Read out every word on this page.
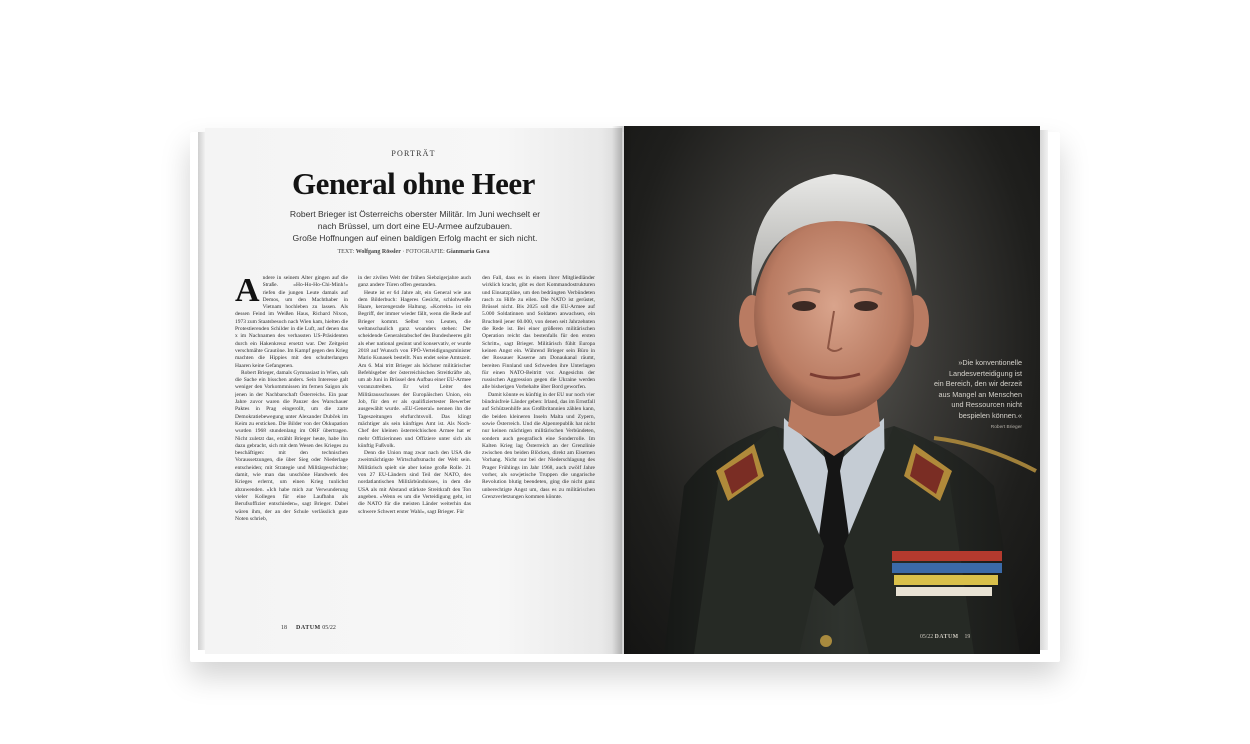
PORTRÄT
General ohne Heer
Robert Brieger ist Österreichs oberster Militär. Im Juni wechselt er
nach Brüssel, um dort eine EU-Armee aufzubauen.
Große Hoffnungen auf einen baldigen Erfolg macht er sich nicht.
TEXT: Wolfgang Rössler · FOTOGRAFIE: Gianmaria Gava

Andere in seinem Alter gingen auf die Straße. »Ho-Ho-Ho-Chi-Minh!« riefen die jungen Leute damals auf Demos, um den Machthaber in Vietnam hochleben zu lassen. Als dessen Feind im Weißen Haus, Richard Nixon, 1973 zum Staatsbesuch nach Wien kam, hielten die Protestierenden Schilder in die Luft, auf denen das x im Nachnamen des verhassten US-Präsidenten durch ein Hakenkreuz ersetzt war. Der Zeitgeist verschmähte Grautöne. Im Kampf gegen den Krieg machten die Hippies mit den schulterlangen Haaren keine Gefangenen.

Robert Brieger, damals Gymnasiast in Wien, sah die Sache ein bisschen anders. Sein Interesse galt weniger den Vorkommnissen im fernen Saigon als jenen in der Nachbarschaft Österreichs. Ein paar Jahre zuvor waren die Panzer des Warschauer Paktes in Prag eingerollt, um die zarte Demokratiebewegung unter Alexander Dubček im Keim zu ersticken. Die Bilder von der Okkupation wurden 1968 stundenlang im ORF übertragen. Nicht zuletzt das, erzählt Brieger heute, habe ihn dazu gebracht, sich mit dem Wesen des Krieges zu beschäftigen: mit den technischen Voraussetzungen, die über Sieg oder Niederlage entscheiden; mit Strategie und Militärgeschichte; damit, wie man das unschöne Handwerk des Krieges erlernt, um einen Krieg tunlichst abzuwenden. »Ich habe mich zur Verwunderung vieler Kollegen für eine Laufbahn als Berufsoffizier entschieden«, sagt Brieger. Dabei wären ihm, der an der Schule verlässlich gute Noten schrieb,

in der zivilen Welt der frühen Siebzigerjahre auch ganz andere Türen offen gestanden.

Heute ist er 64 Jahre alt, ein General wie aus dem Bilderbuch: Hageres Gesicht, schlohweiße Haare, kerzengerade Haltung. »Korrekt« ist ein Begriff, der immer wieder fällt, wenn die Rede auf Brieger kommt. Selbst von Leuten, die weltanschaulich ganz woanders stehen: Der scheidende Generalstabschef des Bundesheeres gilt als eher national gesinnt und konservativ, er wurde 2018 auf Wunsch von FPÖ-Verteidigungsminister Mario Kunasek bestellt. Nun endet seine Amtszeit. Am 6. Mai tritt Brieger als höchster militärischer Befehlsgeber der österreichischen Streitkräfte ab, um ab Juni in Brüssel den Aufbau einer EU-Armee voranzutreiben. Er wird Leiter des Militärausschusses der Europäischen Union, ein Job, für den er als qualifiziertester Bewerber ausgewählt wurde. »EU-General« nennen ihn die Tageszeitungen ehrfurchtsvoll. Das klingt mächtiger als sein künftiges Amt ist. Als Noch-Chef der kleinen österreichischen Armee hat er mehr Offizierinnen und Offiziere unter sich als künftig Fußvolk.

Denn die Union mag zwar nach den USA die zweitmächtigste Wirtschaftsmacht der Welt sein. Militärisch spielt sie aber keine große Rolle. 21 von 27 EU-Ländern sind Teil der NATO, des nordatlantischen Militärbündnisses, in dem die USA als mit Abstand stärkste Streitkraft den Ton angeben. »Wenn es um die Verteidigung geht, ist die NATO für die meisten Länder weiterhin das schwere Schwert erster Wahl«, sagt Brieger. Für

den Fall, dass es in einem ihrer Mitgliedländer wirklich kracht, gibt es dort Kommandostrukturen und Einsatzpläne, um den bedrängten Verbündeten rasch zu Hilfe zu eilen. Die NATO ist gerüstet, Brüssel nicht. Bis 2025 soll die EU-Armee auf 5.000 Soldatinnen und Soldaten anwachsen, ein Bruchteil jener 60.000, von denen seit Jahrzehnten die Rede ist. Bei einer größeren militärischen Operation reicht das bestenfalls für den ersten Schritt«, sagt Brieger. Militärisch fühlt Europa keinen Angst ein. Während Brieger sein Büro in der Rossauer Kaserne am Donaukanal räumt, bereiten Finnland und Schweden ihre Unterlagen für einen NATO-Beitritt vor. Angesichts der russischen Aggression gegen die Ukraine werden alle bisherigen Vorbehalte über Bord geworfen.

Damit könnte es künftig in der EU nur noch vier bündnisfreie Länder geben: Irland, das im Ernstfall auf Schützenhilfe aus Großbritannien zählen kann, die beiden kleineren Inseln Malta und Zypern, sowie Österreich. Und die Alpenrepublik hat nicht nur keinen mächtigen militärischen Verbündeten, sondern auch geografisch eine Sonderrolle. Im Kalten Krieg lag Österreich an der Grenzlinie zwischen den beiden Blöcken, direkt am Eisernen Vorhang. Nicht nur bei der Niederschlagung des Prager Frühlings im Jahr 1968, auch zwölf Jahre vorher, als sowjetische Truppen die ungarische Revolution blutig beendeten, ging die nicht ganz unberechtigte Angst um, dass es zu militärischen Grenzverletzungen kommen könnte.

18 DATUM 05/22
»Die konventionelle
Landesverteidigung ist
ein Bereich, den wir derzeit
aus Mangel an Menschen
und Ressourcen nicht
bespielen können.«
Robert Brieger
05/22 DATUM 19
